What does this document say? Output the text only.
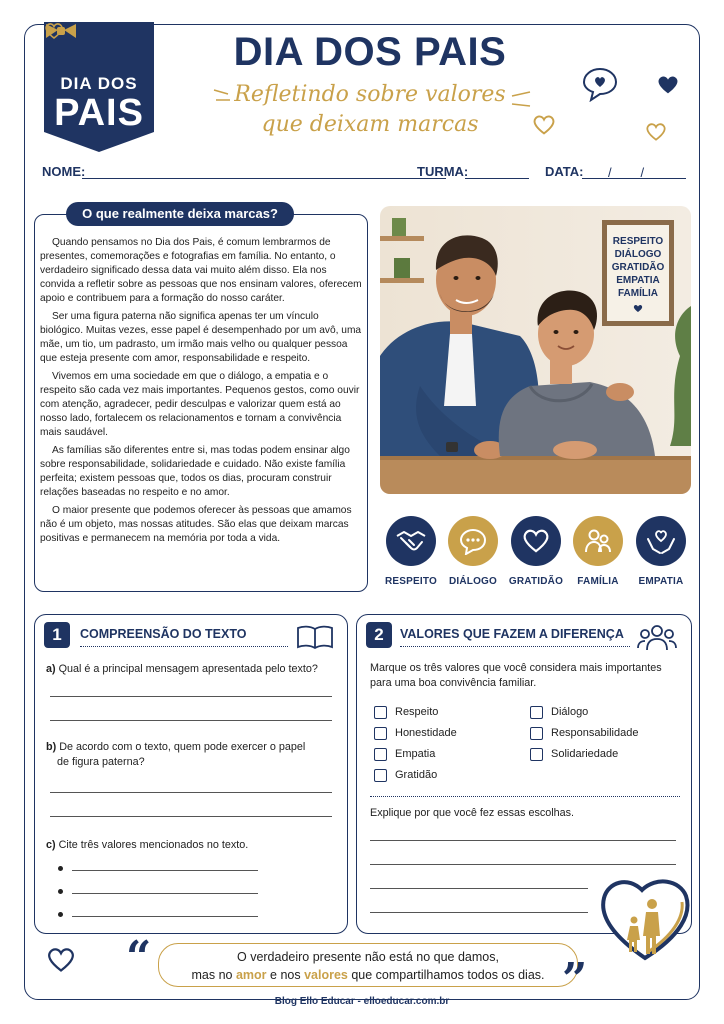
DIA DOS
PAIS
DIA DOS PAIS
Refletindo sobre valores
que deixam marcas
NOME:	TURMA:	DATA: /        /
O que realmente deixa marcas?

Quando pensamos no Dia dos Pais, é comum lembrarmos de presentes, comemorações e fotografias em família. No entanto, o verdadeiro significado dessa data vai muito além disso. Ela nos convida a refletir sobre as pessoas que nos ensinam valores, oferecem apoio e contribuem para a formação do nosso caráter.

Ser uma figura paterna não significa apenas ter um vínculo biológico. Muitas vezes, esse papel é desempenhado por um avô, uma mãe, um tio, um padrasto, um irmão mais velho ou qualquer pessoa que esteja presente com amor, responsabilidade e respeito.

Vivemos em uma sociedade em que o diálogo, a empatia e o respeito são cada vez mais importantes. Pequenos gestos, como ouvir com atenção, agradecer, pedir desculpas e valorizar quem está ao nosso lado, fortalecem os relacionamentos e tornam a convivência mais saudável.

As famílias são diferentes entre si, mas todas podem ensinar algo sobre responsabilidade, solidariedade e cuidado. Não existe família perfeita; existem pessoas que, todos os dias, procuram construir relações baseadas no respeito e no amor.

O maior presente que podemos oferecer às pessoas que amamos não é um objeto, mas nossas atitudes. São elas que deixam marcas positivas e permanecem na memória por toda a vida.

RESPEITO
DIÁLOGO
GRATIDÃO
EMPATIA
FAMÍLIA
RESPEITO	DIÁLOGO	GRATIDÃO	FAMÍLIA	EMPATIA
1	COMPREENSÃO DO TEXTO
a) Qual é a principal mensagem apresentada pelo texto?
b) De acordo com o texto, quem pode exercer o papel
de figura paterna?
c) Cite três valores mencionados no texto.
2	VALORES QUE FAZEM A DIFERENÇA
Marque os três valores que você considera mais importantes
para uma boa convivência familiar.
Respeito
Honestidade
Empatia
Gratidão
Diálogo
Responsabilidade
Solidariedade
Explique por que você fez essas escolhas.
“	”
O verdadeiro presente não está no que damos,
mas no amor e nos valores que compartilhamos todos os dias.
Blog Ello Educar - elloeducar.com.br
